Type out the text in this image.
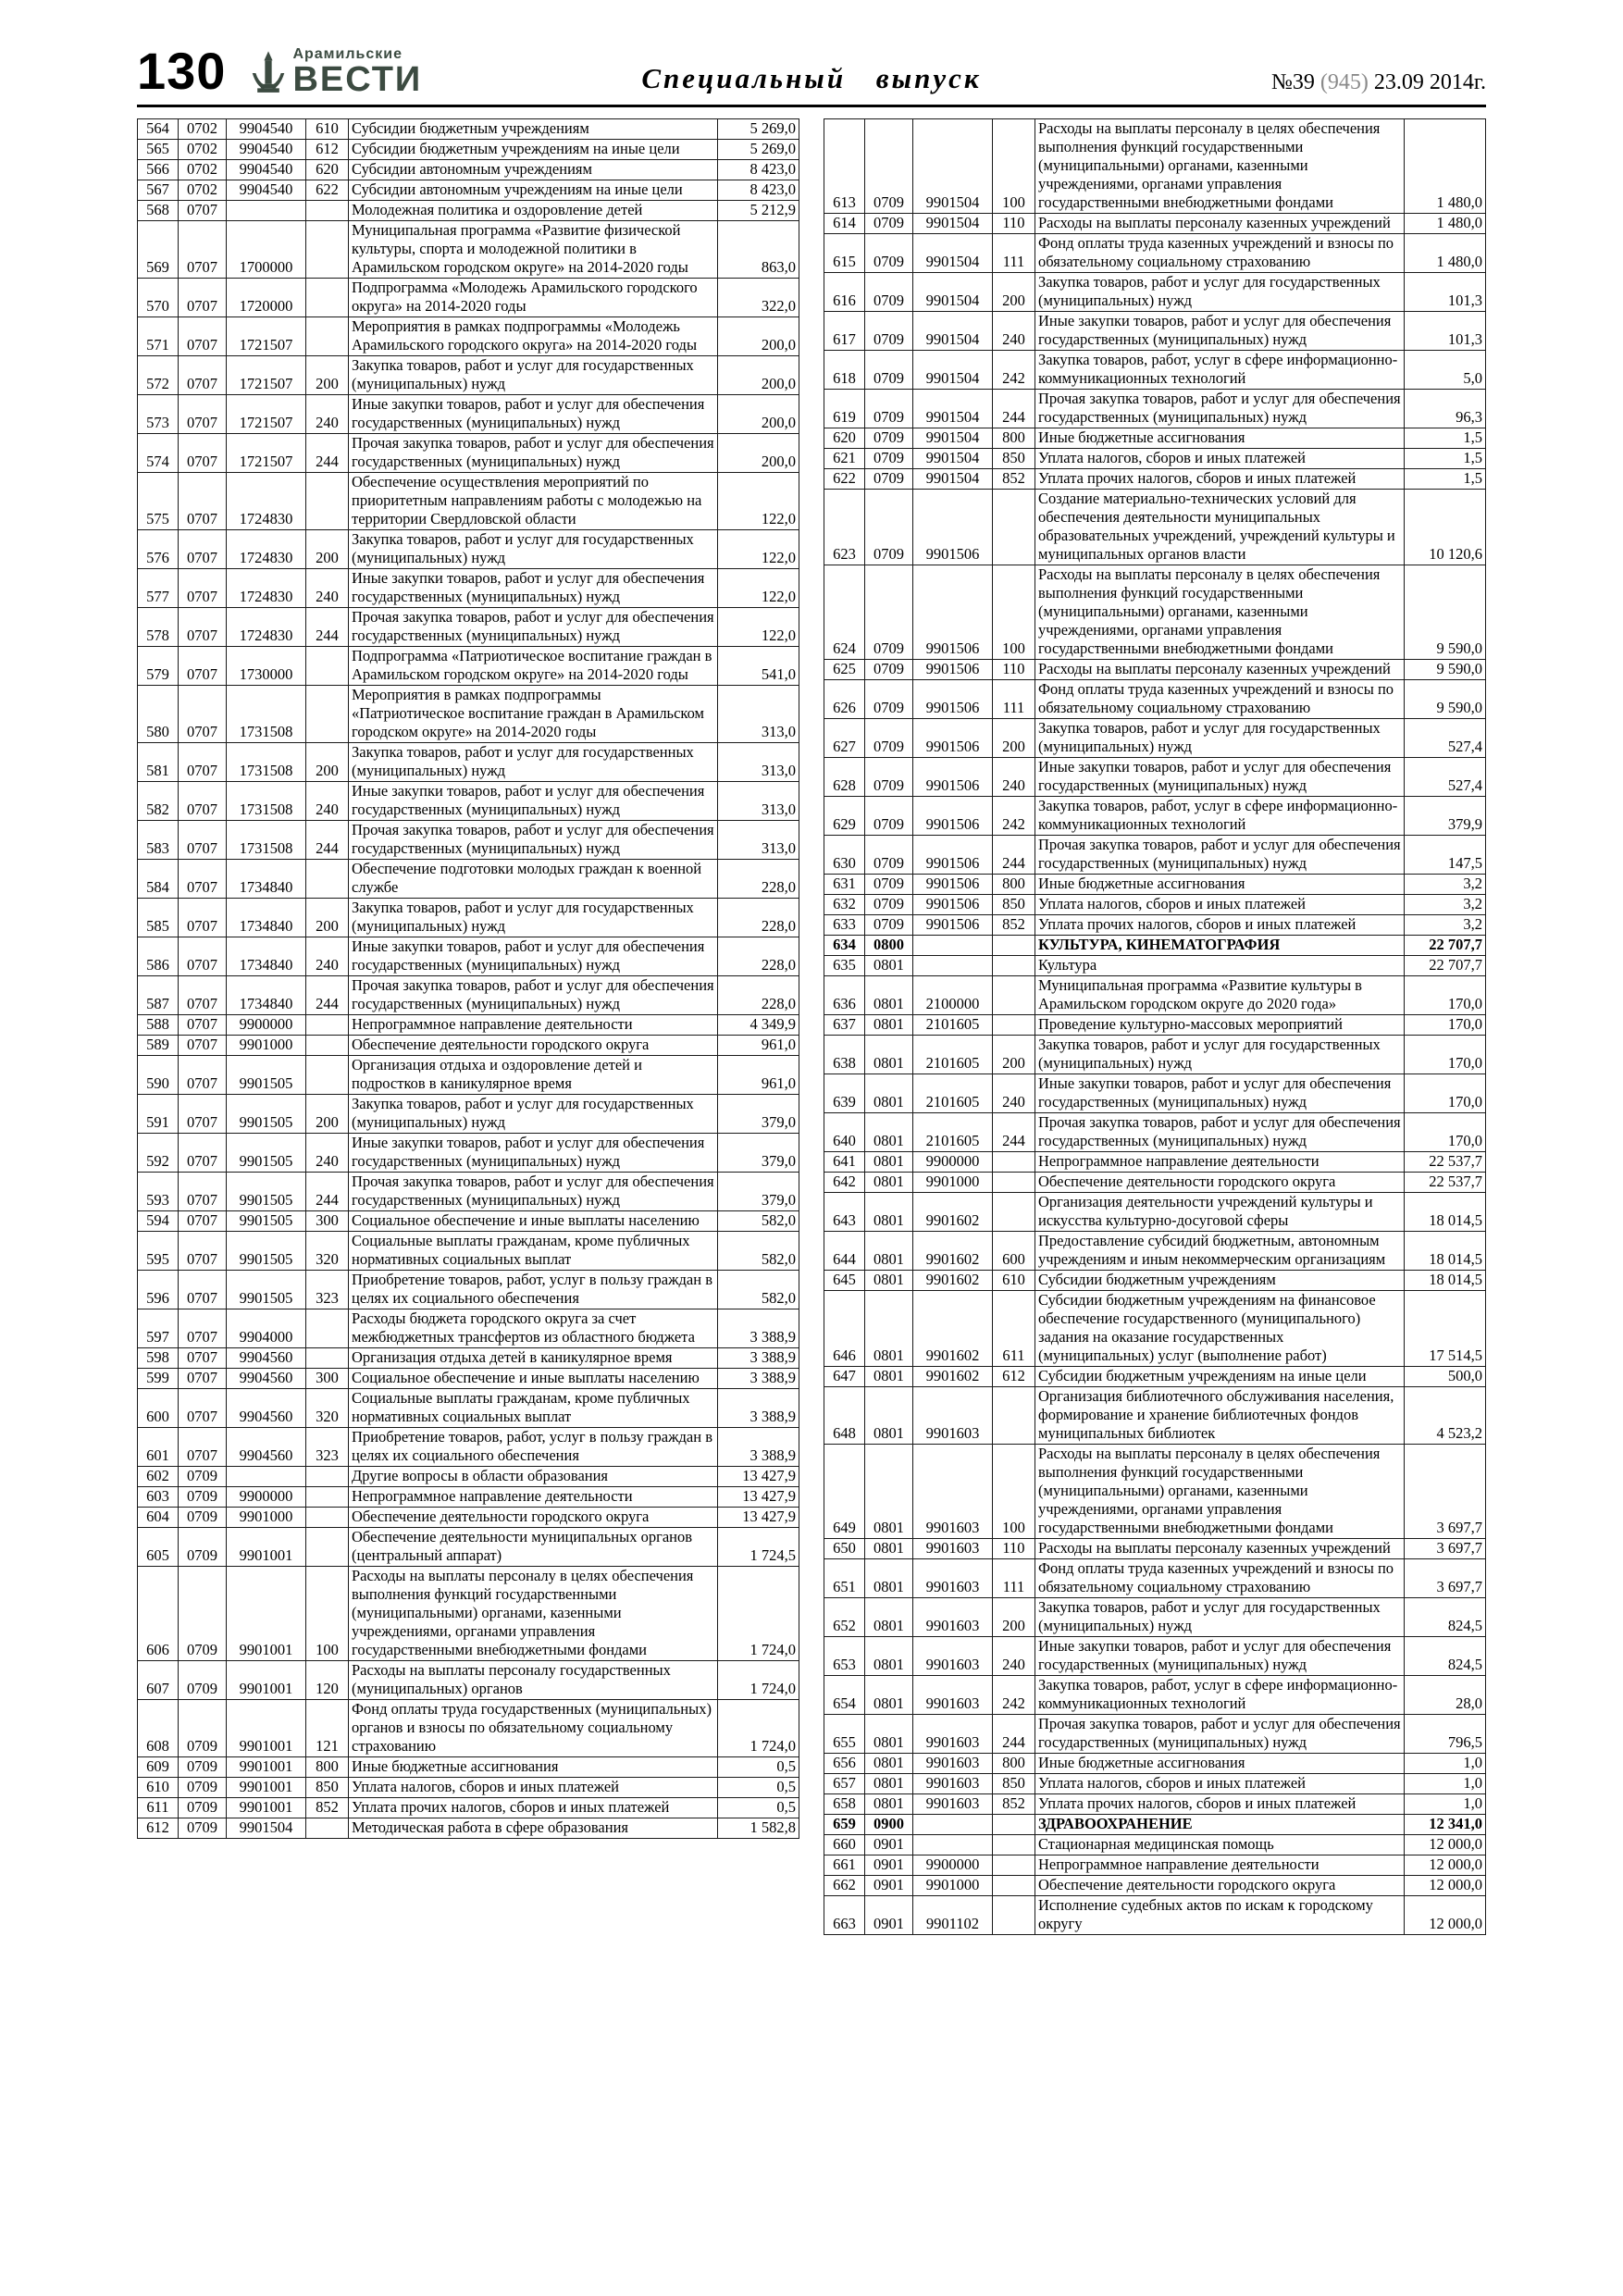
130	Арамильские
ВЕСТИ	Специальный выпуск	№39 (945) 23.09 2014г.
564	0702	9904540	610	Субсидии бюджетным учреждениям	5 269,0
565	0702	9904540	612	Субсидии бюджетным учреждениям на иные цели	5 269,0
566	0702	9904540	620	Субсидии автономным учреждениям	8 423,0
567	0702	9904540	622	Субсидии автономным учреждениям на иные цели	8 423,0
568	0707			Молодежная политика и оздоровление детей	5 212,9
569	0707	1700000		Муниципальная программа «Развитие физической культуры, спорта и молодежной политики в Арамильском городском округе» на 2014-2020 годы	863,0
570	0707	1720000		Подпрограмма «Молодежь Арамильского городского округа» на 2014-2020 годы	322,0
571	0707	1721507		Мероприятия в рамках подпрограммы «Молодежь Арамильского городского округа» на 2014-2020 годы	200,0
572	0707	1721507	200	Закупка товаров, работ и услуг для государственных (муниципальных) нужд	200,0
573	0707	1721507	240	Иные закупки товаров, работ и услуг для обеспечения государственных (муниципальных) нужд	200,0
574	0707	1721507	244	Прочая закупка товаров, работ и услуг для обеспечения государственных (муниципальных) нужд	200,0
575	0707	1724830		Обеспечение осуществления мероприятий по приоритетным направлениям работы с молодежью на территории Свердловской области	122,0
576	0707	1724830	200	Закупка товаров, работ и услуг для государственных (муниципальных) нужд	122,0
577	0707	1724830	240	Иные закупки товаров, работ и услуг для обеспечения государственных (муниципальных) нужд	122,0
578	0707	1724830	244	Прочая закупка товаров, работ и услуг для обеспечения государственных (муниципальных) нужд	122,0
579	0707	1730000		Подпрограмма «Патриотическое воспитание граждан в Арамильском городском округе» на 2014-2020 годы	541,0
580	0707	1731508		Мероприятия в рамках подпрограммы «Патриотическое воспитание граждан в Арамильском городском округе» на 2014-2020 годы	313,0
581	0707	1731508	200	Закупка товаров, работ и услуг для государственных (муниципальных) нужд	313,0
582	0707	1731508	240	Иные закупки товаров, работ и услуг для обеспечения государственных (муниципальных) нужд	313,0
583	0707	1731508	244	Прочая закупка товаров, работ и услуг для обеспечения государственных (муниципальных) нужд	313,0
584	0707	1734840		Обеспечение подготовки молодых граждан к военной службе	228,0
585	0707	1734840	200	Закупка товаров, работ и услуг для государственных (муниципальных) нужд	228,0
586	0707	1734840	240	Иные закупки товаров, работ и услуг для обеспечения государственных (муниципальных) нужд	228,0
587	0707	1734840	244	Прочая закупка товаров, работ и услуг для обеспечения государственных (муниципальных) нужд	228,0
588	0707	9900000		Непрограммное направление деятельности	4 349,9
589	0707	9901000		Обеспечение деятельности городского округа	961,0
590	0707	9901505		Организация отдыха и оздоровление детей и подростков в каникулярное время	961,0
591	0707	9901505	200	Закупка товаров, работ и услуг для государственных (муниципальных) нужд	379,0
592	0707	9901505	240	Иные закупки товаров, работ и услуг для обеспечения государственных (муниципальных) нужд	379,0
593	0707	9901505	244	Прочая закупка товаров, работ и услуг для обеспечения государственных (муниципальных) нужд	379,0
594	0707	9901505	300	Социальное обеспечение и иные выплаты населению	582,0
595	0707	9901505	320	Социальные выплаты гражданам, кроме публичных нормативных социальных выплат	582,0
596	0707	9901505	323	Приобретение товаров, работ, услуг в пользу граждан в целях их социального обеспечения	582,0
597	0707	9904000		Расходы бюджета городского округа за счет межбюджетных трансфертов из областного бюджета	3 388,9
598	0707	9904560		Организация отдыха детей в каникулярное время	3 388,9
599	0707	9904560	300	Социальное обеспечение и иные выплаты населению	3 388,9
600	0707	9904560	320	Социальные выплаты гражданам, кроме публичных нормативных социальных выплат	3 388,9
601	0707	9904560	323	Приобретение товаров, работ, услуг в пользу граждан в целях их социального обеспечения	3 388,9
602	0709			Другие вопросы в области образования	13 427,9
603	0709	9900000		Непрограммное направление деятельности	13 427,9
604	0709	9901000		Обеспечение деятельности городского округа	13 427,9
605	0709	9901001		Обеспечение деятельности муниципальных органов (центральный аппарат)	1 724,5
606	0709	9901001	100	Расходы на выплаты персоналу в целях обеспечения выполнения функций государственными (муниципальными) органами, казенными учреждениями, органами управления государственными внебюджетными фондами	1 724,0
607	0709	9901001	120	Расходы на выплаты персоналу государственных (муниципальных) органов	1 724,0
608	0709	9901001	121	Фонд оплаты труда государственных (муниципальных) органов и взносы по обязательному социальному страхованию	1 724,0
609	0709	9901001	800	Иные бюджетные ассигнования	0,5
610	0709	9901001	850	Уплата налогов, сборов и иных платежей	0,5
611	0709	9901001	852	Уплата прочих налогов, сборов и иных платежей	0,5
612	0709	9901504		Методическая работа в сфере образования	1 582,8
613	0709	9901504	100	Расходы на выплаты персоналу в целях обеспечения выполнения функций государственными (муниципальными) органами, казенными учреждениями, органами управления государственными внебюджетными фондами	1 480,0
614	0709	9901504	110	Расходы на выплаты персоналу казенных учреждений	1 480,0
615	0709	9901504	111	Фонд оплаты труда казенных учреждений и взносы по обязательному социальному страхованию	1 480,0
616	0709	9901504	200	Закупка товаров, работ и услуг для государственных (муниципальных) нужд	101,3
617	0709	9901504	240	Иные закупки товаров, работ и услуг для обеспечения государственных (муниципальных) нужд	101,3
618	0709	9901504	242	Закупка товаров, работ, услуг в сфере информационно-коммуникационных технологий	5,0
619	0709	9901504	244	Прочая закупка товаров, работ и услуг для обеспечения государственных (муниципальных) нужд	96,3
620	0709	9901504	800	Иные бюджетные ассигнования	1,5
621	0709	9901504	850	Уплата налогов, сборов и иных платежей	1,5
622	0709	9901504	852	Уплата прочих налогов, сборов и иных платежей	1,5
623	0709	9901506		Создание материально-технических условий для обеспечения деятельности муниципальных образовательных учреждений, учреждений культуры и муниципальных органов власти	10 120,6
624	0709	9901506	100	Расходы на выплаты персоналу в целях обеспечения выполнения функций государственными (муниципальными) органами, казенными учреждениями, органами управления государственными внебюджетными фондами	9 590,0
625	0709	9901506	110	Расходы на выплаты персоналу казенных учреждений	9 590,0
626	0709	9901506	111	Фонд оплаты труда казенных учреждений и взносы по обязательному социальному страхованию	9 590,0
627	0709	9901506	200	Закупка товаров, работ и услуг для государственных (муниципальных) нужд	527,4
628	0709	9901506	240	Иные закупки товаров, работ и услуг для обеспечения государственных (муниципальных) нужд	527,4
629	0709	9901506	242	Закупка товаров, работ, услуг в сфере информационно-коммуникационных технологий	379,9
630	0709	9901506	244	Прочая закупка товаров, работ и услуг для обеспечения государственных (муниципальных) нужд	147,5
631	0709	9901506	800	Иные бюджетные ассигнования	3,2
632	0709	9901506	850	Уплата налогов, сборов и иных платежей	3,2
633	0709	9901506	852	Уплата прочих налогов, сборов и иных платежей	3,2
634	0800			КУЛЬТУРА, КИНЕМАТОГРАФИЯ	22 707,7
635	0801			Культура	22 707,7
636	0801	2100000		Муниципальная программа «Развитие культуры в Арамильском городском округе до 2020 года»	170,0
637	0801	2101605		Проведение культурно-массовых мероприятий	170,0
638	0801	2101605	200	Закупка товаров, работ и услуг для государственных (муниципальных) нужд	170,0
639	0801	2101605	240	Иные закупки товаров, работ и услуг для обеспечения государственных (муниципальных) нужд	170,0
640	0801	2101605	244	Прочая закупка товаров, работ и услуг для обеспечения государственных (муниципальных) нужд	170,0
641	0801	9900000		Непрограммное направление деятельности	22 537,7
642	0801	9901000		Обеспечение деятельности городского округа	22 537,7
643	0801	9901602		Организация деятельности учреждений культуры и искусства культурно-досуговой сферы	18 014,5
644	0801	9901602	600	Предоставление субсидий бюджетным, автономным учреждениям и иным некоммерческим организациям	18 014,5
645	0801	9901602	610	Субсидии бюджетным учреждениям	18 014,5
646	0801	9901602	611	Субсидии бюджетным учреждениям на финансовое обеспечение государственного (муниципального) задания на оказание государственных (муниципальных) услуг (выполнение работ)	17 514,5
647	0801	9901602	612	Субсидии бюджетным учреждениям на иные цели	500,0
648	0801	9901603		Организация библиотечного обслуживания населения, формирование и хранение библиотечных фондов муниципальных библиотек	4 523,2
649	0801	9901603	100	Расходы на выплаты персоналу в целях обеспечения выполнения функций государственными (муниципальными) органами, казенными учреждениями, органами управления государственными внебюджетными фондами	3 697,7
650	0801	9901603	110	Расходы на выплаты персоналу казенных учреждений	3 697,7
651	0801	9901603	111	Фонд оплаты труда казенных учреждений и взносы по обязательному социальному страхованию	3 697,7
652	0801	9901603	200	Закупка товаров, работ и услуг для государственных (муниципальных) нужд	824,5
653	0801	9901603	240	Иные закупки товаров, работ и услуг для обеспечения государственных (муниципальных) нужд	824,5
654	0801	9901603	242	Закупка товаров, работ, услуг в сфере информационно-коммуникационных технологий	28,0
655	0801	9901603	244	Прочая закупка товаров, работ и услуг для обеспечения государственных (муниципальных) нужд	796,5
656	0801	9901603	800	Иные бюджетные ассигнования	1,0
657	0801	9901603	850	Уплата налогов, сборов и иных платежей	1,0
658	0801	9901603	852	Уплата прочих налогов, сборов и иных платежей	1,0
659	0900			ЗДРАВООХРАНЕНИЕ	12 341,0
660	0901			Стационарная медицинская помощь	12 000,0
661	0901	9900000		Непрограммное направление деятельности	12 000,0
662	0901	9901000		Обеспечение деятельности городского округа	12 000,0
663	0901	9901102		Исполнение судебных актов по искам к городскому округу	12 000,0
